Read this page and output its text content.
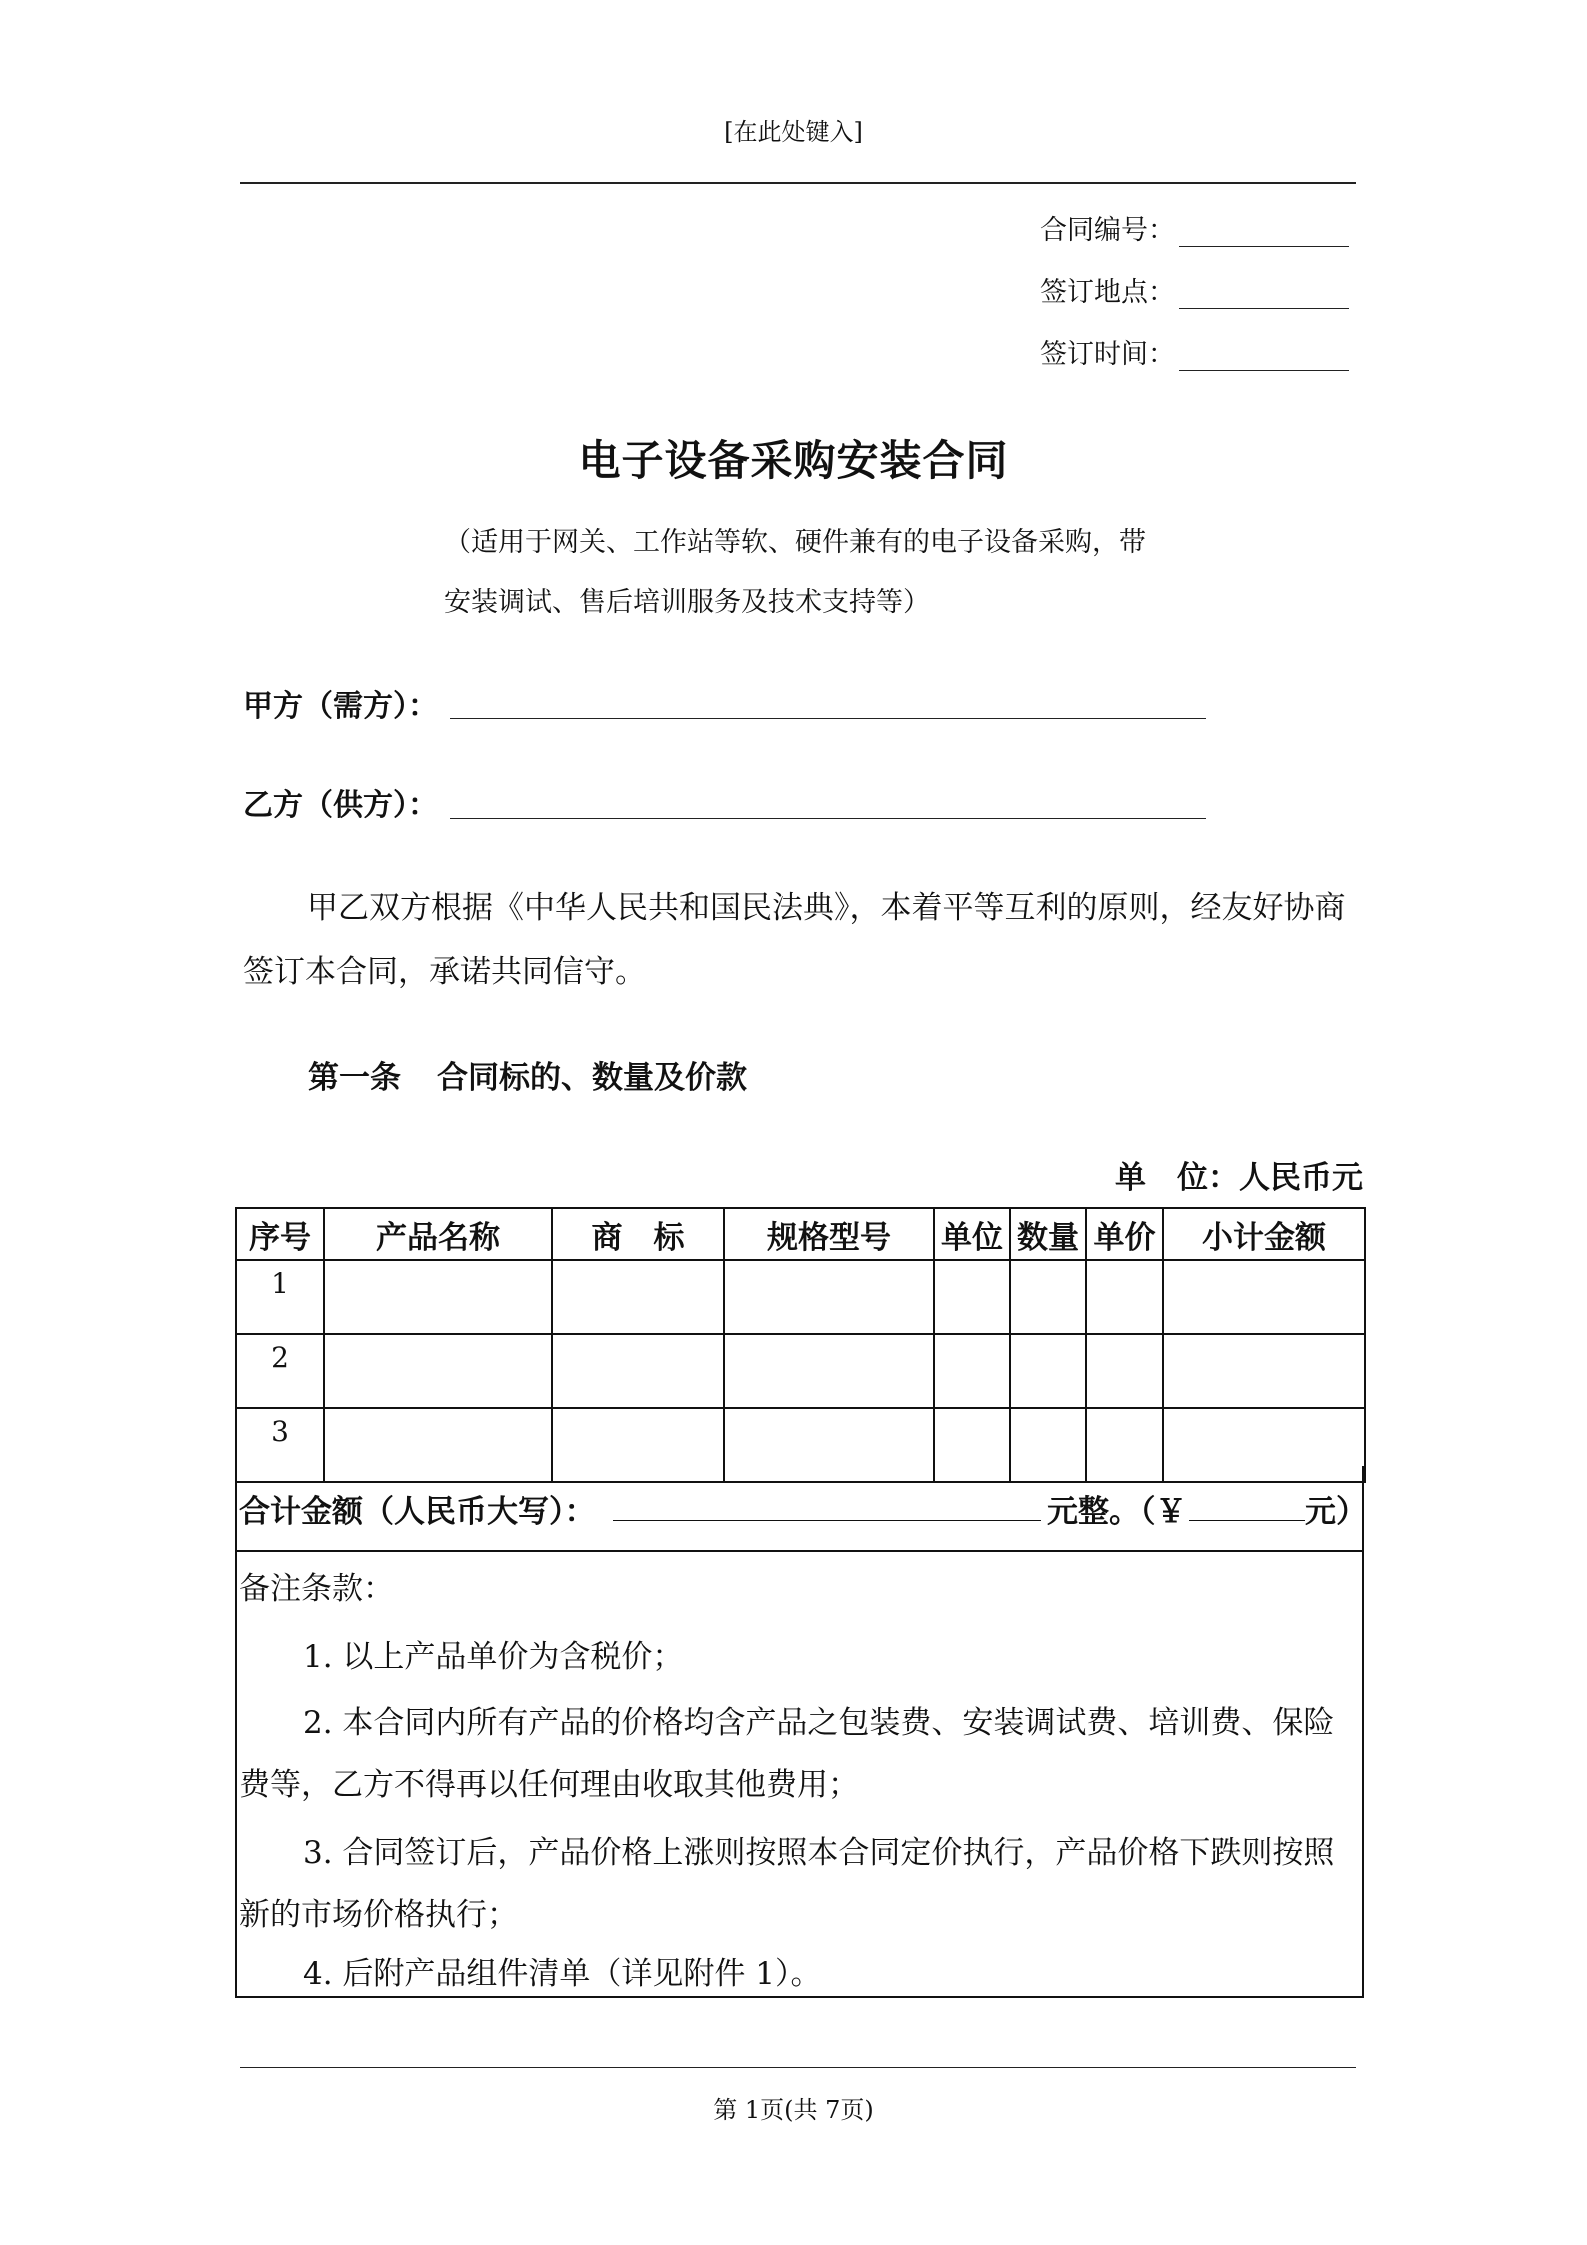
[在此处键入]
合同编号：
签订地点：
签订时间：
电子设备采购安装合同
（适用于网关、工作站等软、硬件兼有的电子设备采购，带
安装调试、售后培训服务及技术支持等）
甲方（需方）：
乙方（供方）：
甲乙双方根据《中华人民共和国民法典》，本着平等互利的原则，经友好协商签订本合同，承诺共同信守。
第一条 合同标的、数量及价款
单　位：人民币元
序号	产品名称	商　标	规格型号	单位	数量	单价	小计金额
1							
2							
3							
合计金额（人民币大写）：	元整。（￥	元）

备注条款：

1. 以上产品单价为含税价；

2. 本合同内所有产品的价格均含产品之包装费、安装调试费、培训费、保险费等，乙方不得再以任何理由收取其他费用；

3. 合同签订后，产品价格上涨则按照本合同定价执行，产品价格下跌则按照新的市场价格执行；

4. 后附产品组件清单（详见附件 1）。

第 1页(共 7页)
